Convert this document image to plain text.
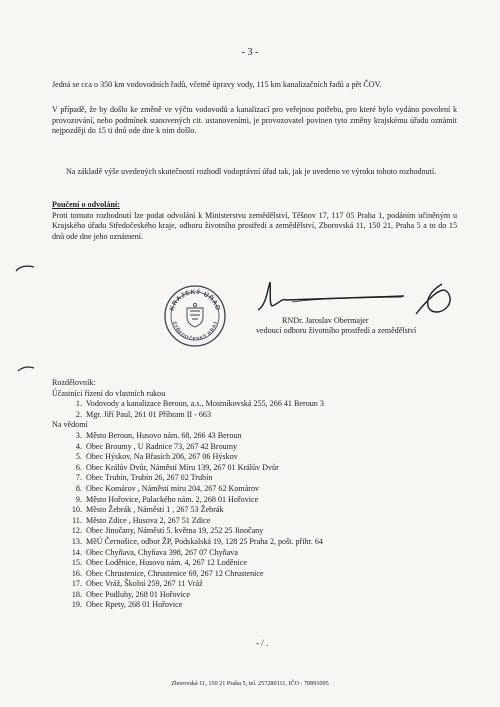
- 3 -

Jedná se cca o 350 km vodovodních řadů, včetně úpravy vody, 115 km kanalizačních řadů a pět ČOV.

V případě, že by došlo ke změně ve výčtu vodovodů a kanalizací pro veřejnou potřebu, pro které bylo vydáno povolení k provozování, nebo podmínek stanovených cit. ustanoveními, je provozovatel povinen tyto změny krajskému úřadu oznámit nejpozději do 15 ti dnů ode dne k nim došlo.

Na základě výše uvedených skutečností rozhodl vodoprávní úřad tak, jak je uvedeno ve výroku tohoto rozhodnutí.

Poučení o odvolání:

Proti tomuto rozhodnutí lze podat odvolání k Ministerstvu zemědělství, Těšnov 17, 117 05 Praha 1, podáním učiněným u Krajského úřadu Středočeského kraje, odboru životního prostředí a zemědělství, Zborovská 11, 150 21, Praha 5 a to do 15 dnů ode dne jeho oznámení.

KRAJSKÝ ÚŘAD
STŘEDOČESKÝ KRAJ	RNDr. Jaroslav Obermajer
vedoucí odboru životního prostředí a zemědělství
Rozdělovník:
Účastníci řízení do vlastních rukou
1. Vodovody a kanalizace Beroun, a.s., Mostníkovská 255, 266 41 Beroun 3
2. Mgr. Jiří Paul, 261 01 Příbram II - 663
Na vědomí
3. Město Beroun, Husovo nám. 68, 266 43 Beroun
4. Obec Broumy , U Radnice 73, 267 42 Broumy
5. Obec Hýskov, Na Břasích 206, 267 06 Hýskov
6. Obec Králův Dvůr, Náměstí Míru 139, 267 01 Králův Dvůr
7. Obec Trubín, Trubín 26, 267 02 Trubín
8. Obec Komárov , Náměstí míru 204, 267 62 Komárov
9. Město Hořovice, Palackého nám. 2, 268 01 Hořovice
10. Město Žebrák , Náměstí 1 , 267 53 Žebrák
11. Město Zdice , Husova 2, 267 51 Zdice
12. Obec Jinočany, Náměstí 5. května 19, 252 25 Jinočany
13. MěÚ Černošice, odbor ŽP, Podskalská 19, 128 25 Praha 2, pošt. přihr. 64
14. Obec Chyňava, Chyňava 398, 267 07 Chyňava
15. Obec Loděnice, Husovo nám. 4, 267 12 Loděnice
16. Obec Chrustenice, Chrustenice 69, 267 12 Chrustenice
17. Obec Vráž, Školní 259, 267 11 Vráž
18. Obec Podluhy, 268 01 Hořovice
19. Obec Rpety, 268 01 Hořovice
- / .
Zborovská 11, 150 21 Praha 5, tel. 257280111, IČO : 70891095
